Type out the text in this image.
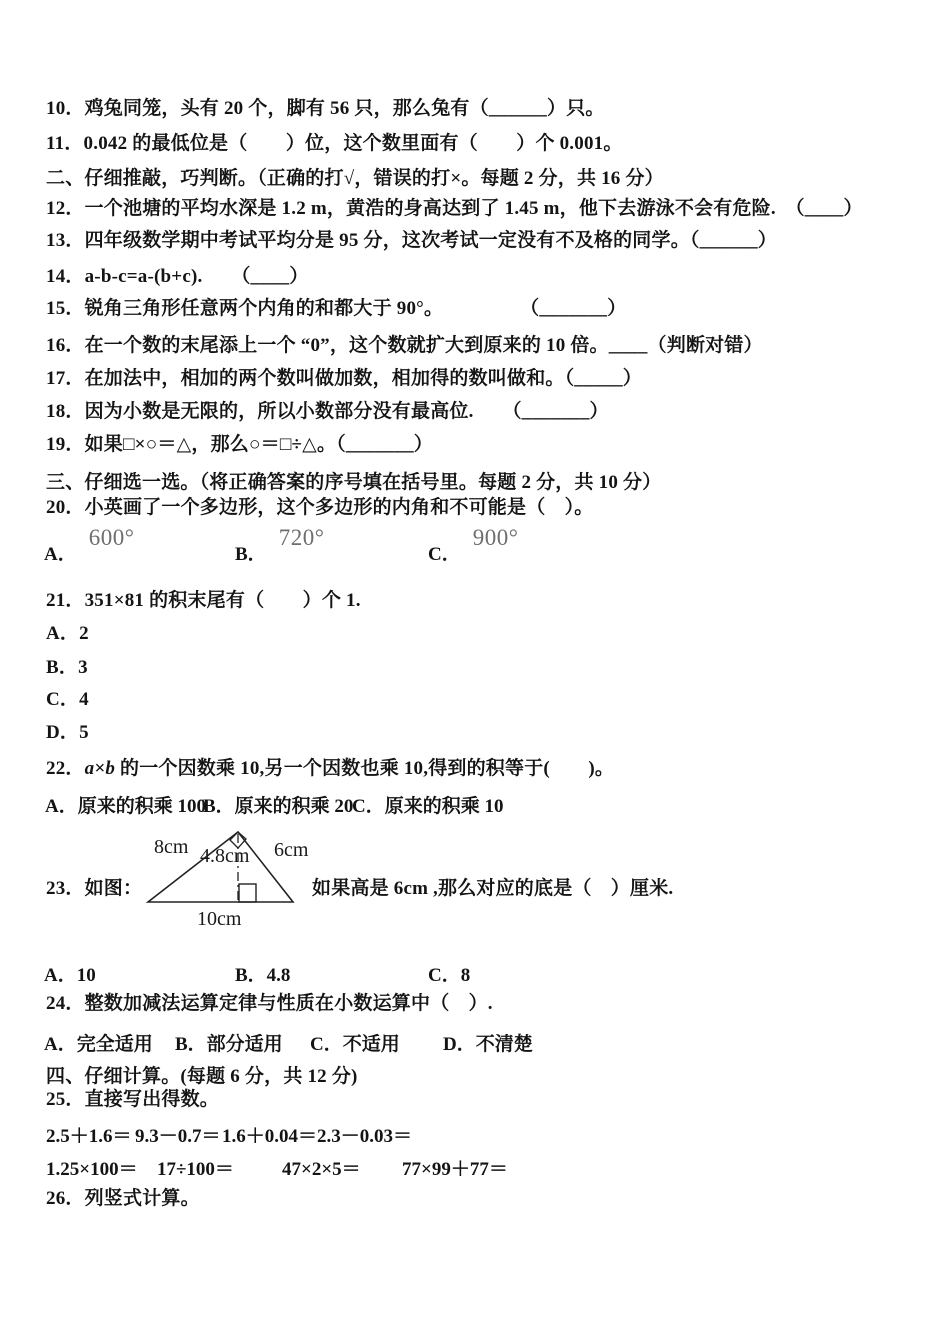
10．鸡兔同笼，头有 20 个，脚有 56 只，那么兔有（______）只。
11．0.042 的最低位是（　　）位，这个数里面有（　　）个 0.001。
二、仔细推敲，巧判断。（正确的打√，错误的打×。每题 2 分，共 16 分）
12．一个池塘的平均水深是 1.2 m，黄浩的身高达到了 1.45 m，他下去游泳不会有危险.　（____）
13．四年级数学期中考试平均分是 95 分，这次考试一定没有不及格的同学。（______）
14．a-b-c=a-(b+c).　　（____）
15．锐角三角形任意两个内角的和都大于 90°。　　　　　（_______）
16．在一个数的末尾添上一个 “0”，这个数就扩大到原来的 10 倍。____（判断对错）
17．在加法中，相加的两个数叫做加数，相加得的数叫做和。（_____）
18．因为小数是无限的，所以小数部分没有最高位.　　（_______）
19．如果□×○＝△，那么○＝□÷△。（_______）
三、仔细选一选。（将正确答案的序号填在括号里。每题 2 分，共 10 分）
20．小英画了一个多边形，这个多边形的内角和不可能是（　）。
A．600°
B．720°
C．900°
21．351×81 的积末尾有（　　）个 1.
A．2
B．3
C．4
D．5
22．a×b 的一个因数乘 10,另一个因数也乘 10,得到的积等于(　　)。
A．原来的积乘 100
B．原来的积乘 20
C．原来的积乘 10
8cm 4.8cm 6cm
10cm
23．如图：	如果高是 6cm ,那么对应的底是（　）厘米.
A．10	B．4.8	C．8
24．整数加减法运算定律与性质在小数运算中（　）.
A．完全适用 B．部分适用 C．不适用 D．不清楚
四、仔细计算。(每题 6 分，共 12 分)
25．直接写出得数。
2.5＋1.6＝ 9.3－0.7＝ 1.6＋0.04＝ 2.3－0.03＝
1.25×100＝ 17÷100＝	47×2×5＝ 77×99＋77＝
26．列竖式计算。
